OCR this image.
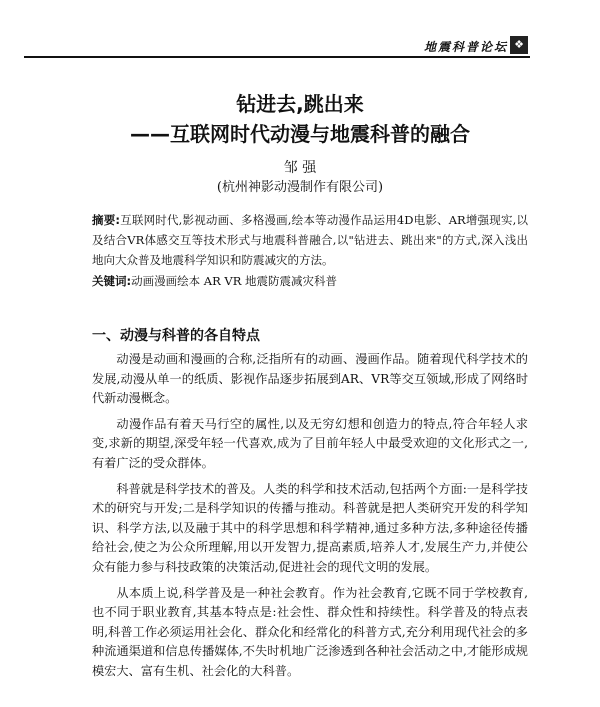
地震科普论坛 ❖
钻进去,跳出来
——互联网时代动漫与地震科普的融合
邹 强
(杭州神影动漫制作有限公司)
摘要:互联网时代,影视动画、多格漫画,绘本等动漫作品运用4D电影、AR增强现实,以及结合VR体感交互等技术形式与地震科普融合,以"钻进去、跳出来"的方式,深入浅出地向大众普及地震科学知识和防震减灾的方法。
关键词:动画漫画绘本 AR VR 地震防震减灾科普
一、动漫与科普的各自特点

动漫是动画和漫画的合称,泛指所有的动画、漫画作品。随着现代科学技术的发展,动漫从单一的纸质、影视作品逐步拓展到AR、VR等交互领域,形成了网络时代新动漫概念。

动漫作品有着天马行空的属性,以及无穷幻想和创造力的特点,符合年轻人求变,求新的期望,深受年轻一代喜欢,成为了目前年轻人中最受欢迎的文化形式之一,有着广泛的受众群体。

科普就是科学技术的普及。人类的科学和技术活动,包括两个方面:一是科学技术的研究与开发;二是科学知识的传播与推动。科普就是把人类研究开发的科学知识、科学方法,以及融于其中的科学思想和科学精神,通过多种方法,多种途径传播给社会,使之为公众所理解,用以开发智力,提高素质,培养人才,发展生产力,并使公众有能力参与科技政策的决策活动,促进社会的现代文明的发展。

从本质上说,科学普及是一种社会教育。作为社会教育,它既不同于学校教育,也不同于职业教育,其基本特点是:社会性、群众性和持续性。科学普及的特点表明,科普工作必须运用社会化、群众化和经常化的科普方式,充分利用现代社会的多种流通渠道和信息传播媒体,不失时机地广泛渗透到各种社会活动之中,才能形成规模宏大、富有生机、社会化的大科普。
